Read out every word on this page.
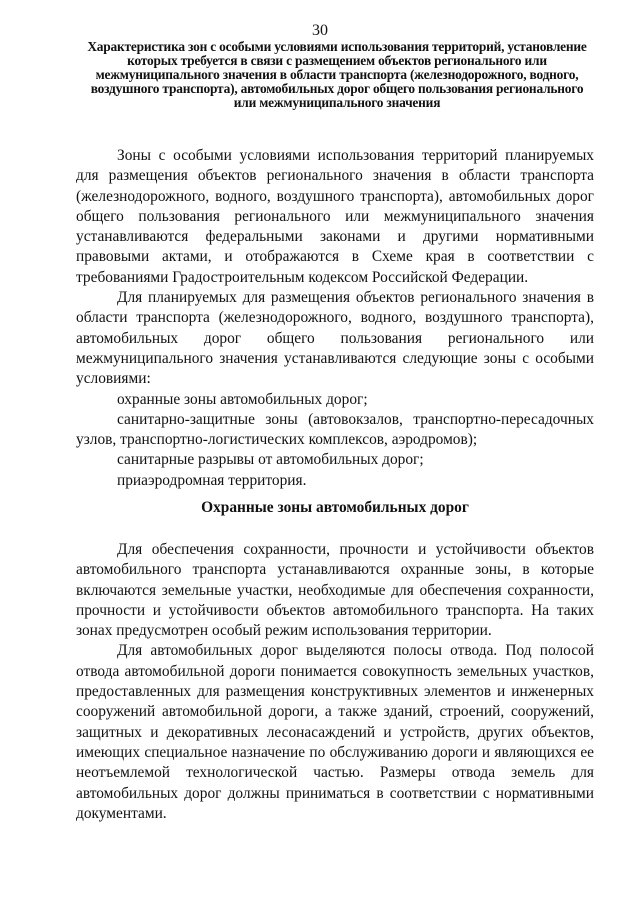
30
Характеристика зон с особыми условиями использования территорий, установление которых требуется в связи с размещением объектов регионального или межмуниципального значения в области транспорта (железнодорожного, водного, воздушного транспорта), автомобильных дорог общего пользования регионального или межмуниципального значения

Зоны с особыми условиями использования территорий планируемых для размещения объектов регионального значения в области транспорта (железнодорожного, водного, воздушного транспорта), автомобильных дорог общего пользования регионального или межмуниципального значения устанавливаются федеральными законами и другими нормативными правовыми актами, и отображаются в Схеме края в соответствии с требованиями Градостроительным кодексом Российской Федерации.

Для планируемых для размещения объектов регионального значения в области транспорта (железнодорожного, водного, воздушного транспорта), автомобильных дорог общего пользования регионального или межмуниципального значения устанавливаются следующие зоны с особыми условиями:

охранные зоны автомобильных дорог;

санитарно-защитные зоны (автовокзалов, транспортно-пересадочных узлов, транспортно-логистических комплексов, аэродромов);

санитарные разрывы от автомобильных дорог;

приаэродромная территория.

Охранные зоны автомобильных дорог

Для обеспечения сохранности, прочности и устойчивости объектов автомобильного транспорта устанавливаются охранные зоны, в которые включаются земельные участки, необходимые для обеспечения сохранности, прочности и устойчивости объектов автомобильного транспорта. На таких зонах предусмотрен особый режим использования территории.

Для автомобильных дорог выделяются полосы отвода. Под полосой отвода автомобильной дороги понимается совокупность земельных участков, предоставленных для размещения конструктивных элементов и инженерных сооружений автомобильной дороги, а также зданий, строений, сооружений, защитных и декоративных лесонасаждений и устройств, других объектов, имеющих специальное назначение по обслуживанию дороги и являющихся ее неотъемлемой технологической частью. Размеры отвода земель для автомобильных дорог должны приниматься в соответствии с нормативными документами.
